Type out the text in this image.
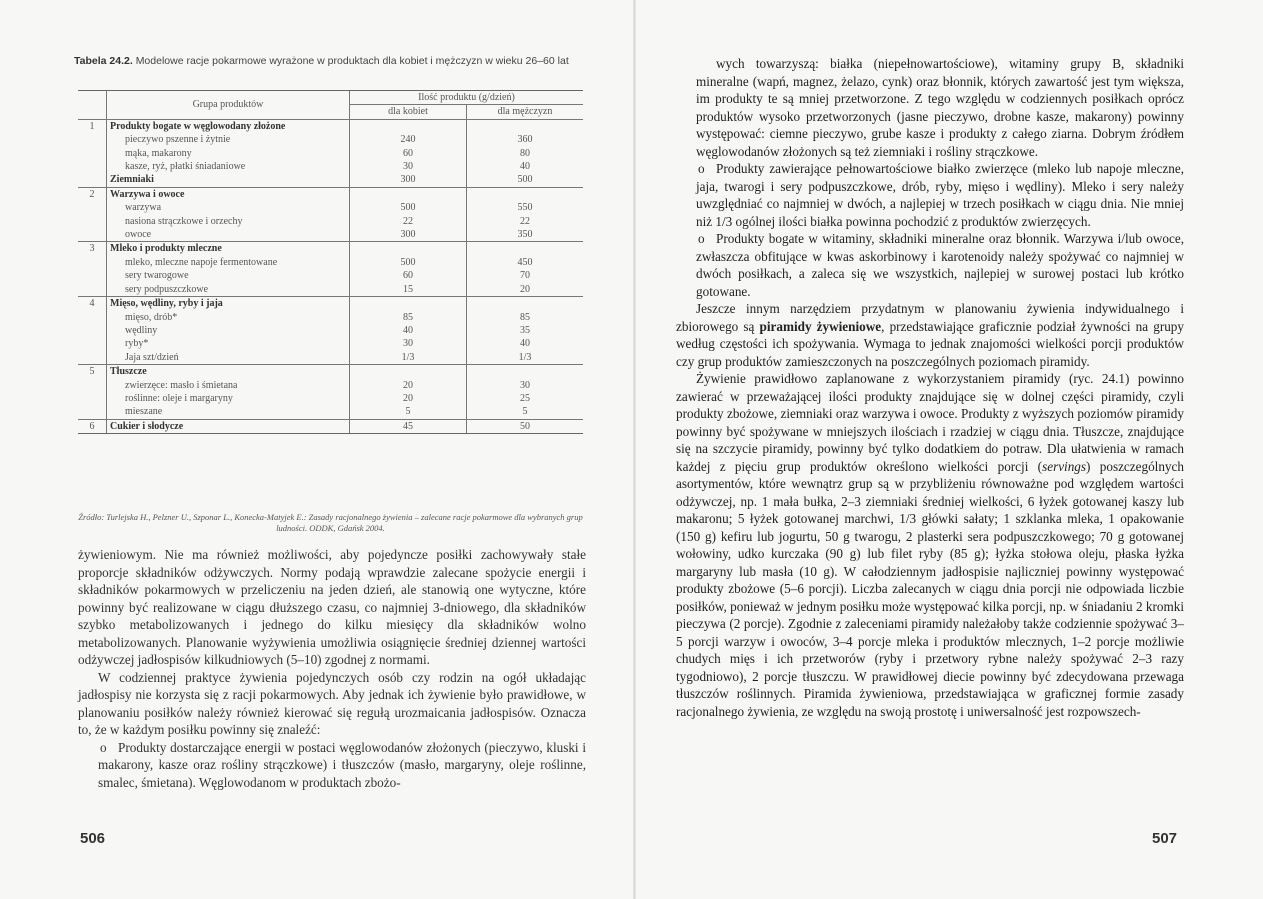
Tabela 24.2. Modelowe racje pokarmowe wyrażone w produktach dla kobiet i mężczyzn w wieku 26–60 lat
	Grupa produktów	Ilość produktu (g/dzień)	
		dla kobiet	dla mężczyzn
1	Produkty bogate w węglowodany złożone		
	pieczywo pszenne i żytnie	240	360
	mąka, makarony	60	80
	kasze, ryż, płatki śniadaniowe	30	40
	Ziemniaki	300	500
2	Warzywa i owoce		
	warzywa	500	550
	nasiona strączkowe i orzechy	22	22
	owoce	300	350
3	Mleko i produkty mleczne		
	mleko, mleczne napoje fermentowane	500	450
	sery twarogowe	60	70
	sery podpuszczkowe	15	20
4	Mięso, wędliny, ryby i jaja		
	mięso, drób*	85	85
	wędliny	40	35
	ryby*	30	40
	Jaja szt/dzień	1/3	1/3
5	Tłuszcze		
	zwierzęce: masło i śmietana	20	30
	roślinne: oleje i margaryny	20	25
	mieszane	5	5
6	Cukier i słodycze	45	50
Źródło: Turlejska H., Pelzner U., Szponar L., Konecka-Matyjek E.: Zasady racjonalnego żywienia – zalecane racje pokarmowe dla wybranych grup ludności. ODDK, Gdańsk 2004.

żywieniowym. Nie ma również możliwości, aby pojedyncze posiłki zachowywały stałe proporcje składników odżywczych. Normy podają wprawdzie zalecane spożycie energii i składników pokarmowych w przeliczeniu na jeden dzień, ale stanowią one wytyczne, które powinny być realizowane w ciągu dłuższego czasu, co najmniej 3-dniowego, dla składników szybko metabolizowanych i jednego do kilku miesięcy dla składników wolno metabolizowanych. Planowanie wyżywienia umożliwia osiągnięcie średniej dziennej wartości odżywczej jadłospisów kilkudniowych (5–10) zgodnej z normami.

W codziennej praktyce żywienia pojedynczych osób czy rodzin na ogół układając jadłospisy nie korzysta się z racji pokarmowych. Aby jednak ich żywienie było prawidłowe, w planowaniu posiłków należy również kierować się regułą urozmaicania jadłospisów. Oznacza to, że w każdym posiłku powinny się znaleźć:

o Produkty dostarczające energii w postaci węglowodanów złożonych (pieczywo, kluski i makarony, kasze oraz rośliny strączkowe) i tłuszczów (masło, margaryny, oleje roślinne, smalec, śmietana). Węglowodanom w produktach zbożo-

506

wych towarzyszą: białka (niepełnowartościowe), witaminy grupy B, składniki mineralne (wapń, magnez, żelazo, cynk) oraz błonnik, których zawartość jest tym większa, im produkty te są mniej przetworzone. Z tego względu w codziennych posiłkach oprócz produktów wysoko przetworzonych (jasne pieczywo, drobne kasze, makarony) powinny występować: ciemne pieczywo, grube kasze i produkty z całego ziarna. Dobrym źródłem węglowodanów złożonych są też ziemniaki i rośliny strączkowe.

o Produkty zawierające pełnowartościowe białko zwierzęce (mleko lub napoje mleczne, jaja, twarogi i sery podpuszczkowe, drób, ryby, mięso i wędliny). Mleko i sery należy uwzględniać co najmniej w dwóch, a najlepiej w trzech posiłkach w ciągu dnia. Nie mniej niż 1/3 ogólnej ilości białka powinna pochodzić z produktów zwierzęcych.

o Produkty bogate w witaminy, składniki mineralne oraz błonnik. Warzywa i/lub owoce, zwłaszcza obfitujące w kwas askorbinowy i karotenoidy należy spożywać co najmniej w dwóch posiłkach, a zaleca się we wszystkich, najlepiej w surowej postaci lub krótko gotowane.

Jeszcze innym narzędziem przydatnym w planowaniu żywienia indywidualnego i zbiorowego są piramidy żywieniowe, przedstawiające graficznie podział żywności na grupy według częstości ich spożywania. Wymaga to jednak znajomości wielkości porcji produktów czy grup produktów zamieszczonych na poszczególnych poziomach piramidy.

Żywienie prawidłowo zaplanowane z wykorzystaniem piramidy (ryc. 24.1) powinno zawierać w przeważającej ilości produkty znajdujące się w dolnej części piramidy, czyli produkty zbożowe, ziemniaki oraz warzywa i owoce. Produkty z wyższych poziomów piramidy powinny być spożywane w mniejszych ilościach i rzadziej w ciągu dnia. Tłuszcze, znajdujące się na szczycie piramidy, powinny być tylko dodatkiem do potraw. Dla ułatwienia w ramach każdej z pięciu grup produktów określono wielkości porcji (servings) poszczególnych asortymentów, które wewnątrz grup są w przybliżeniu równoważne pod względem wartości odżywczej, np. 1 mała bułka, 2–3 ziemniaki średniej wielkości, 6 łyżek gotowanej kaszy lub makaronu; 5 łyżek gotowanej marchwi, 1/3 główki sałaty; 1 szklanka mleka, 1 opakowanie (150 g) kefiru lub jogurtu, 50 g twarogu, 2 plasterki sera podpuszczkowego; 70 g gotowanej wołowiny, udko kurczaka (90 g) lub filet ryby (85 g); łyżka stołowa oleju, płaska łyżka margaryny lub masła (10 g). W całodziennym jadłospisie najliczniej powinny występować produkty zbożowe (5–6 porcji). Liczba zalecanych w ciągu dnia porcji nie odpowiada liczbie posiłków, ponieważ w jednym posiłku może występować kilka porcji, np. w śniadaniu 2 kromki pieczywa (2 porcje). Zgodnie z zaleceniami piramidy należałoby także codziennie spożywać 3–5 porcji warzyw i owoców, 3–4 porcje mleka i produktów mlecznych, 1–2 porcje możliwie chudych mięs i ich przetworów (ryby i przetwory rybne należy spożywać 2–3 razy tygodniowo), 2 porcje tłuszczu. W prawidłowej diecie powinny być zdecydowana przewaga tłuszczów roślinnych. Piramida żywieniowa, przedstawiająca w graficznej formie zasady racjonalnego żywienia, ze względu na swoją prostotę i uniwersalność jest rozpowszech-

507
